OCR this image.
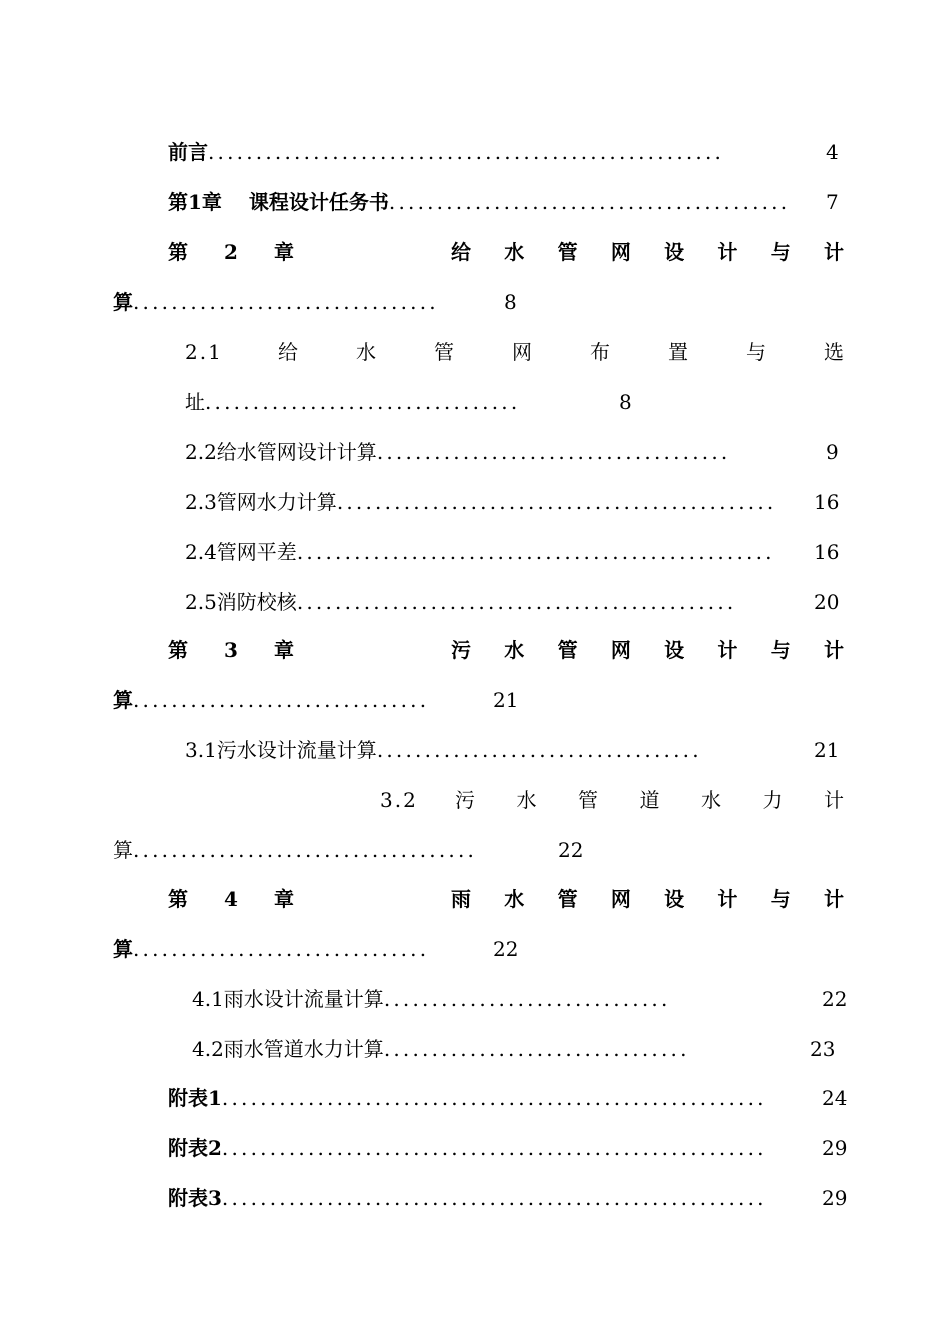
前言......................................................	4
第1章　 课程设计任务书..........................................	7
第 2 章	给 水 管 网 设 计 与 计
算................................	8
2.1	给	水	管	网	布	置	与	选
址.................................	8
2.2给水管网设计计算.....................................	9
2.3管网水力计算..............................................	16
2.4管网平差..................................................	16
2.5消防校核..............................................	20
第 3 章	污 水 管 网 设 计 与 计
算...............................	21
3.1污水设计流量计算..................................	21
3.2 污 水 管 道 水 力 计
算....................................	22
第 4 章	雨 水 管 网 设 计 与 计
算...............................	22
4.1雨水设计流量计算..............................	22
4.2雨水管道水力计算................................	23
附表1.........................................................	24
附表2.........................................................	29
附表3.........................................................	29
